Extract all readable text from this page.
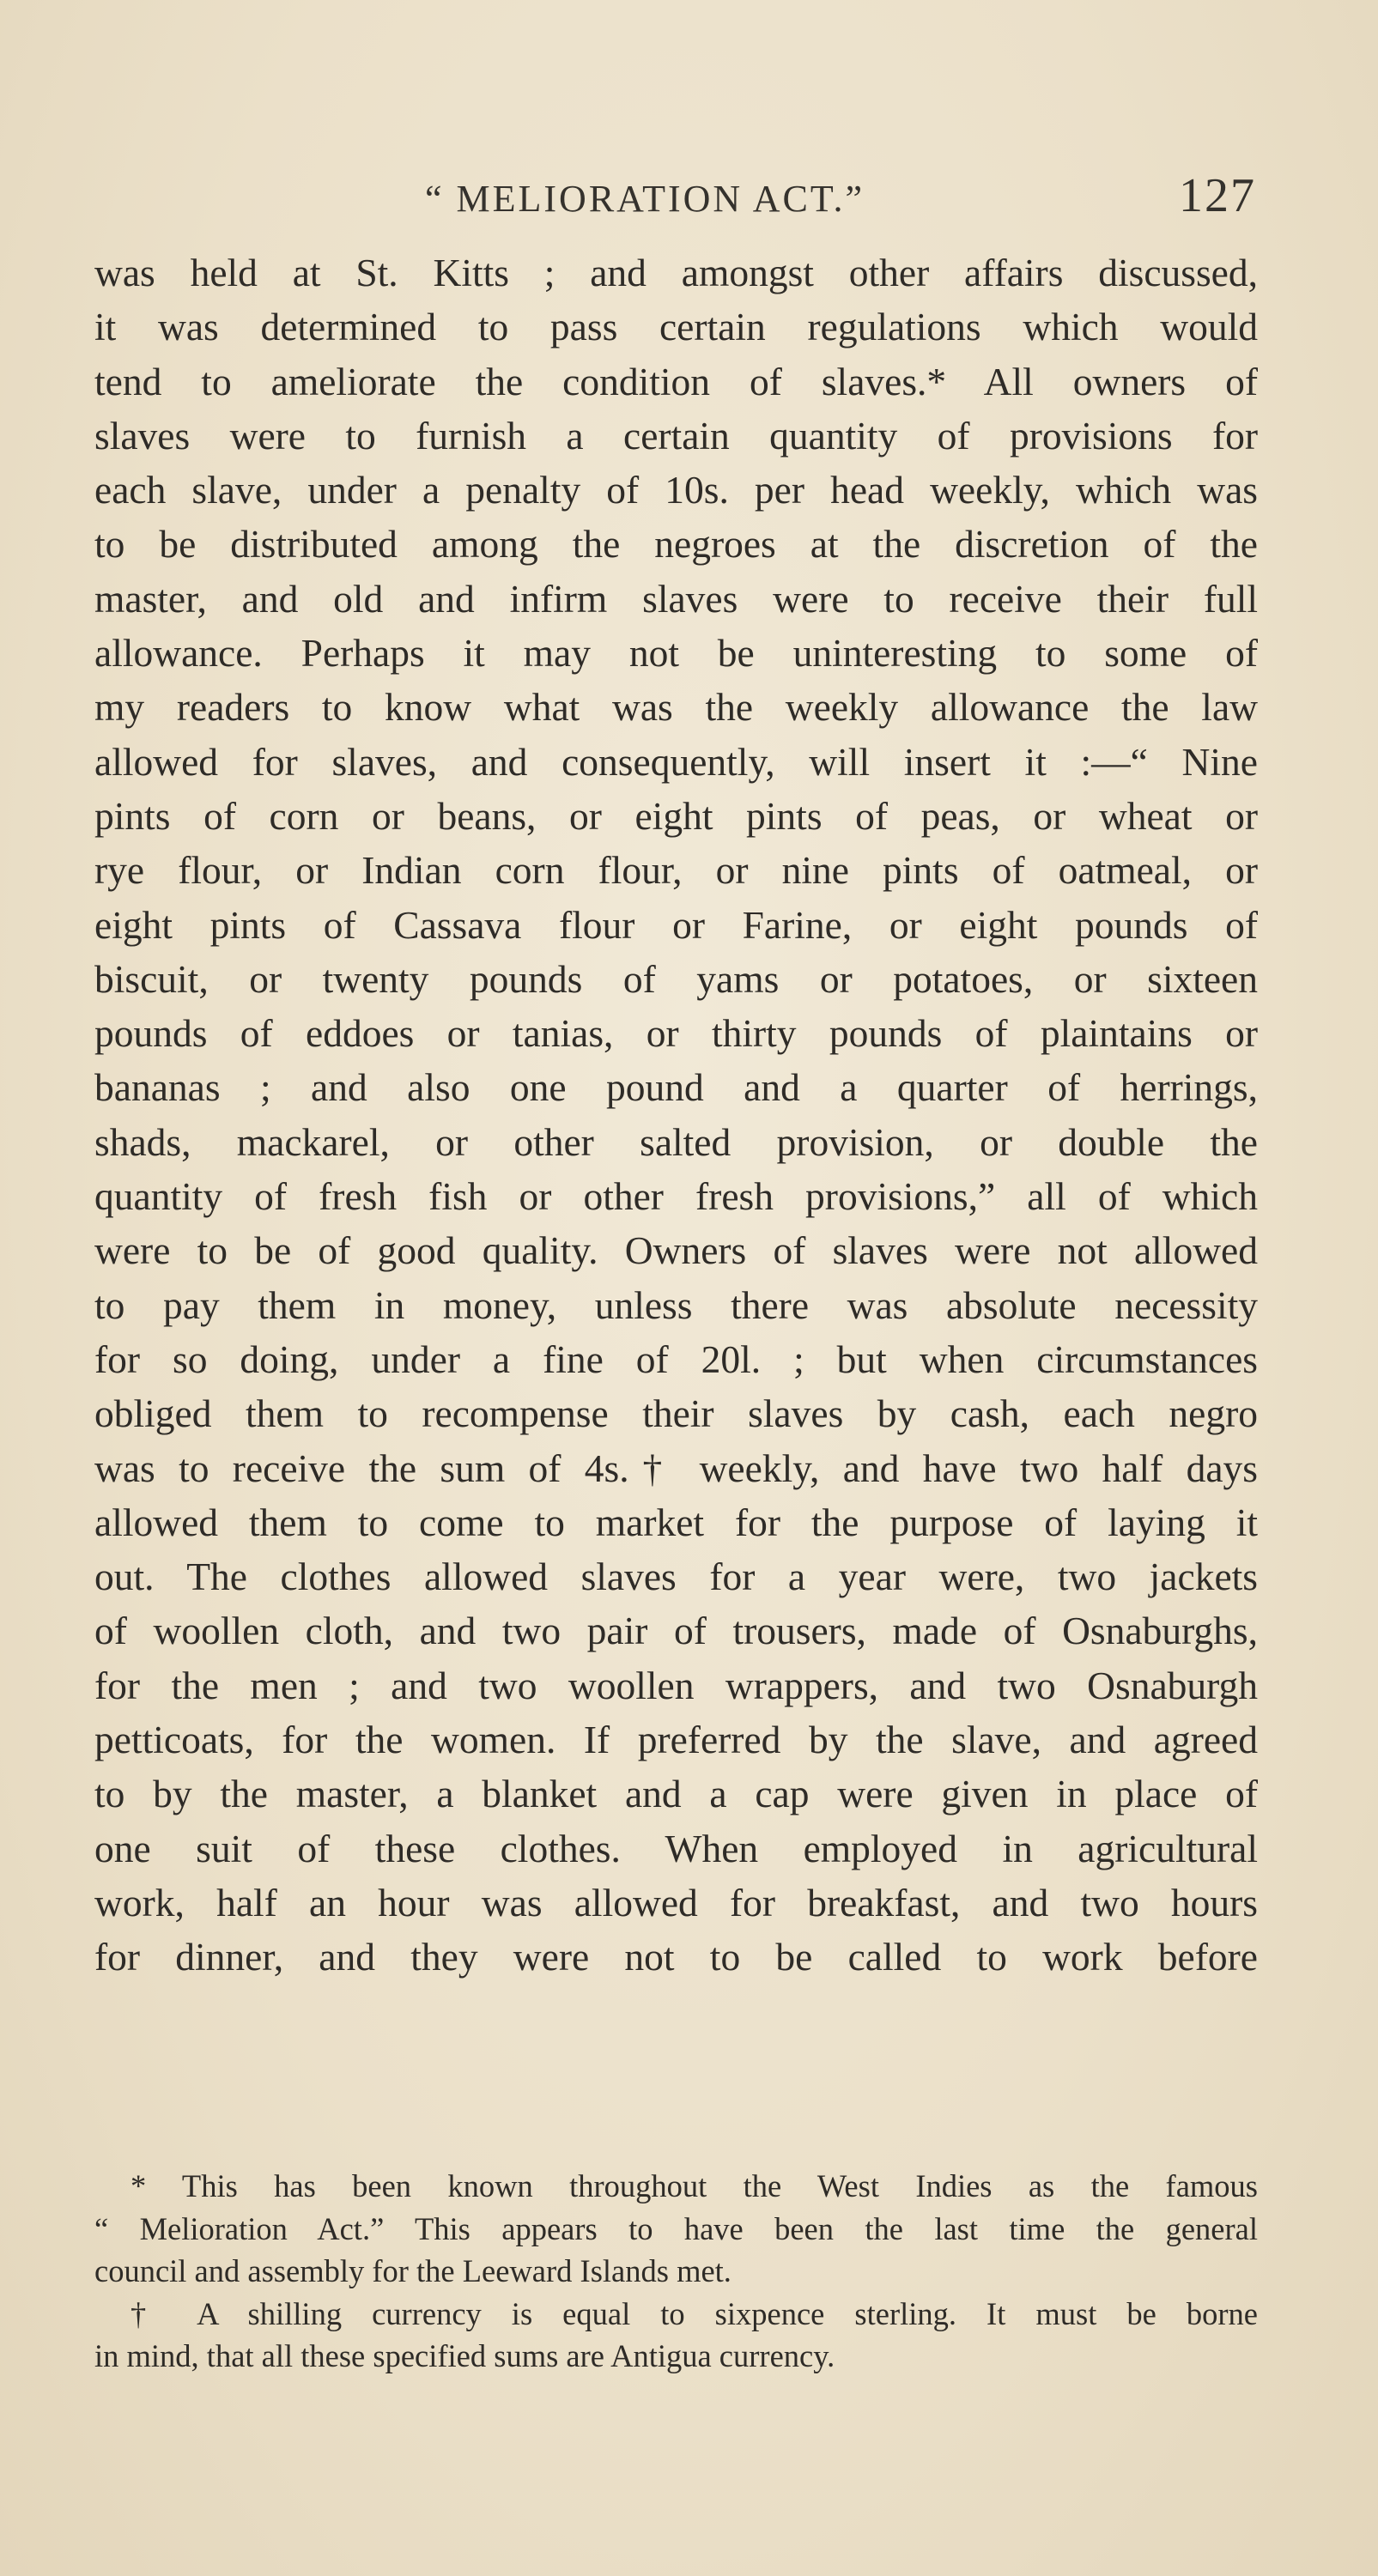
“ MELIORATION ACT.”	127
was held at St. Kitts ; and amongst other affairs discussed,
it was determined to pass certain regulations which would
tend to ameliorate the condition of slaves.* All owners of
slaves were to furnish a certain quantity of provisions for
each slave, under a penalty of 10s. per head weekly, which was
to be distributed among the negroes at the discretion of the
master, and old and infirm slaves were to receive their full
allowance. Perhaps it may not be uninteresting to some of
my readers to know what was the weekly allowance the law
allowed for slaves, and consequently, will insert it :—“ Nine
pints of corn or beans, or eight pints of peas, or wheat or
rye flour, or Indian corn flour, or nine pints of oatmeal, or
eight pints of Cassava flour or Farine, or eight pounds of
biscuit, or twenty pounds of yams or potatoes, or sixteen
pounds of eddoes or tanias, or thirty pounds of plaintains or
bananas ; and also one pound and a quarter of herrings,
shads, mackarel, or other salted provision, or double the
quantity of fresh fish or other fresh provisions,” all of which
were to be of good quality. Owners of slaves were not allowed
to pay them in money, unless there was absolute necessity
for so doing, under a fine of 20l. ; but when circumstances
obliged them to recompense their slaves by cash, each negro
was to receive the sum of 4s.† weekly, and have two half days
allowed them to come to market for the purpose of laying it
out. The clothes allowed slaves for a year were, two jackets
of woollen cloth, and two pair of trousers, made of Osnaburghs,
for the men ; and two woollen wrappers, and two Osnaburgh
petticoats, for the women. If preferred by the slave, and agreed
to by the master, a blanket and a cap were given in place of
one suit of these clothes. When employed in agricultural
work, half an hour was allowed for breakfast, and two hours
for dinner, and they were not to be called to work before
* This has been known throughout the West Indies as the famous
“ Melioration Act.” This appears to have been the last time the general
council and assembly for the Leeward Islands met.
† A shilling currency is equal to sixpence sterling. It must be borne
in mind, that all these specified sums are Antigua currency.
